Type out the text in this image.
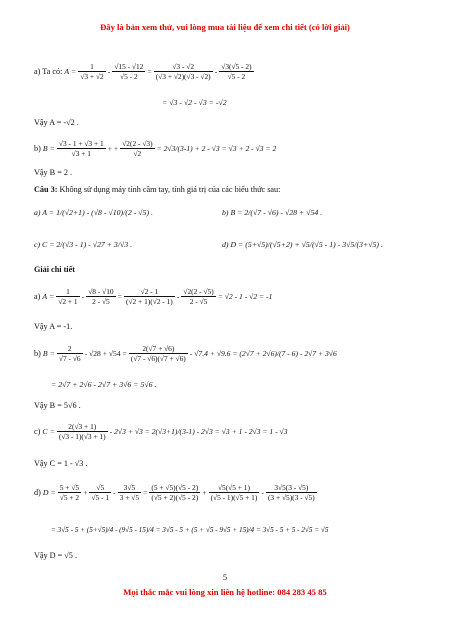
Đây là bản xem thử, vui lòng mua tài liệu để xem chi tiết (có lời giải)
a) Ta có: $A = \frac{1}{√3 + √2} - \frac{√15 - √12}{√5 - 2} = \frac{√3 - √2}{(√3 + √2)(√3 - √2)} - \frac{√3(√5 - 2)}{√5 - 2}$
= √3 - √2 - √3 = -√2
Vậy A = -√2 .
b) $B = \frac{√3 - 1 + √3 + 1}{√3 + 1}$ + + $\frac{√2(2 - √3)}{√2} = 2√3/(3-1) + 2 - √3 = √3 + 2 - √3 = 2$
Vậy B = 2 .
Câu 3: Không sử dụng máy tính cầm tay, tính giá trị của các biểu thức sau:
a) A = 1/(√2+1) - (√8 - √10)/(2 - √5) .	b) B = 2/(√7 - √6) - √28 + √54 .
c) C = 2/(√3 - 1) - √27 + 3/√3 .	d) D = (5+√5)/(√5+2) + √5/(√5 - 1) - 3√5/(3+√5) .
Giải chi tiết
a) $A = \frac{1}{√2 + 1} - \frac{√8 - √10}{2 - √5} = \frac{√2 - 1}{(√2 + 1)(√2 - 1)} - \frac{√2(2 - √5)}{2 - √5} = √2 - 1 - √2 = -1$
Vậy A = -1.
b) $B = \frac{2}{√7 - √6} - √28 + √54 = \frac{2(√7 + √6)}{(√7 - √6)(√7 + √6)} - √7.4 + √9.6 = (2√7 + 2√6)/(7 - 6) - 2√7 + 3√6$
= 2√7 + 2√6 - 2√7 + 3√6 = 5√6 .
Vậy B = 5√6 .
c) $C = \frac{2(√3 + 1)}{(√3 - 1)(√3 + 1)} - 2√3 + √3 = 2(√3+1)/(3-1) - 2√3 = √3 + 1 - 2√3 = 1 - √3$
Vậy C = 1 - √3 .
d) $D = \frac{5 + √5}{√5 + 2} + \frac{√5}{√5 - 1} - \frac{3√5}{3 + √5} = \frac{(5 + √5)(√5 - 2)}{(√5 + 2)(√5 - 2)} + \frac{√5(√5 + 1)}{(√5 - 1)(√5 + 1)} - \frac{3√5(3 - √5)}{(3 + √5)(3 - √5)}$
= 3√5 - 5 + (5+√5)/4 - (9√5 - 15)/4 = 3√5 - 5 + (5 + √5 - 9√5 + 15)/4 = 3√5 - 5 + 5 - 2√5 = √5
Vậy D = √5 .
5
Mọi thắc mắc vui lòng xin liên hệ hotline: 084 283 45 85
